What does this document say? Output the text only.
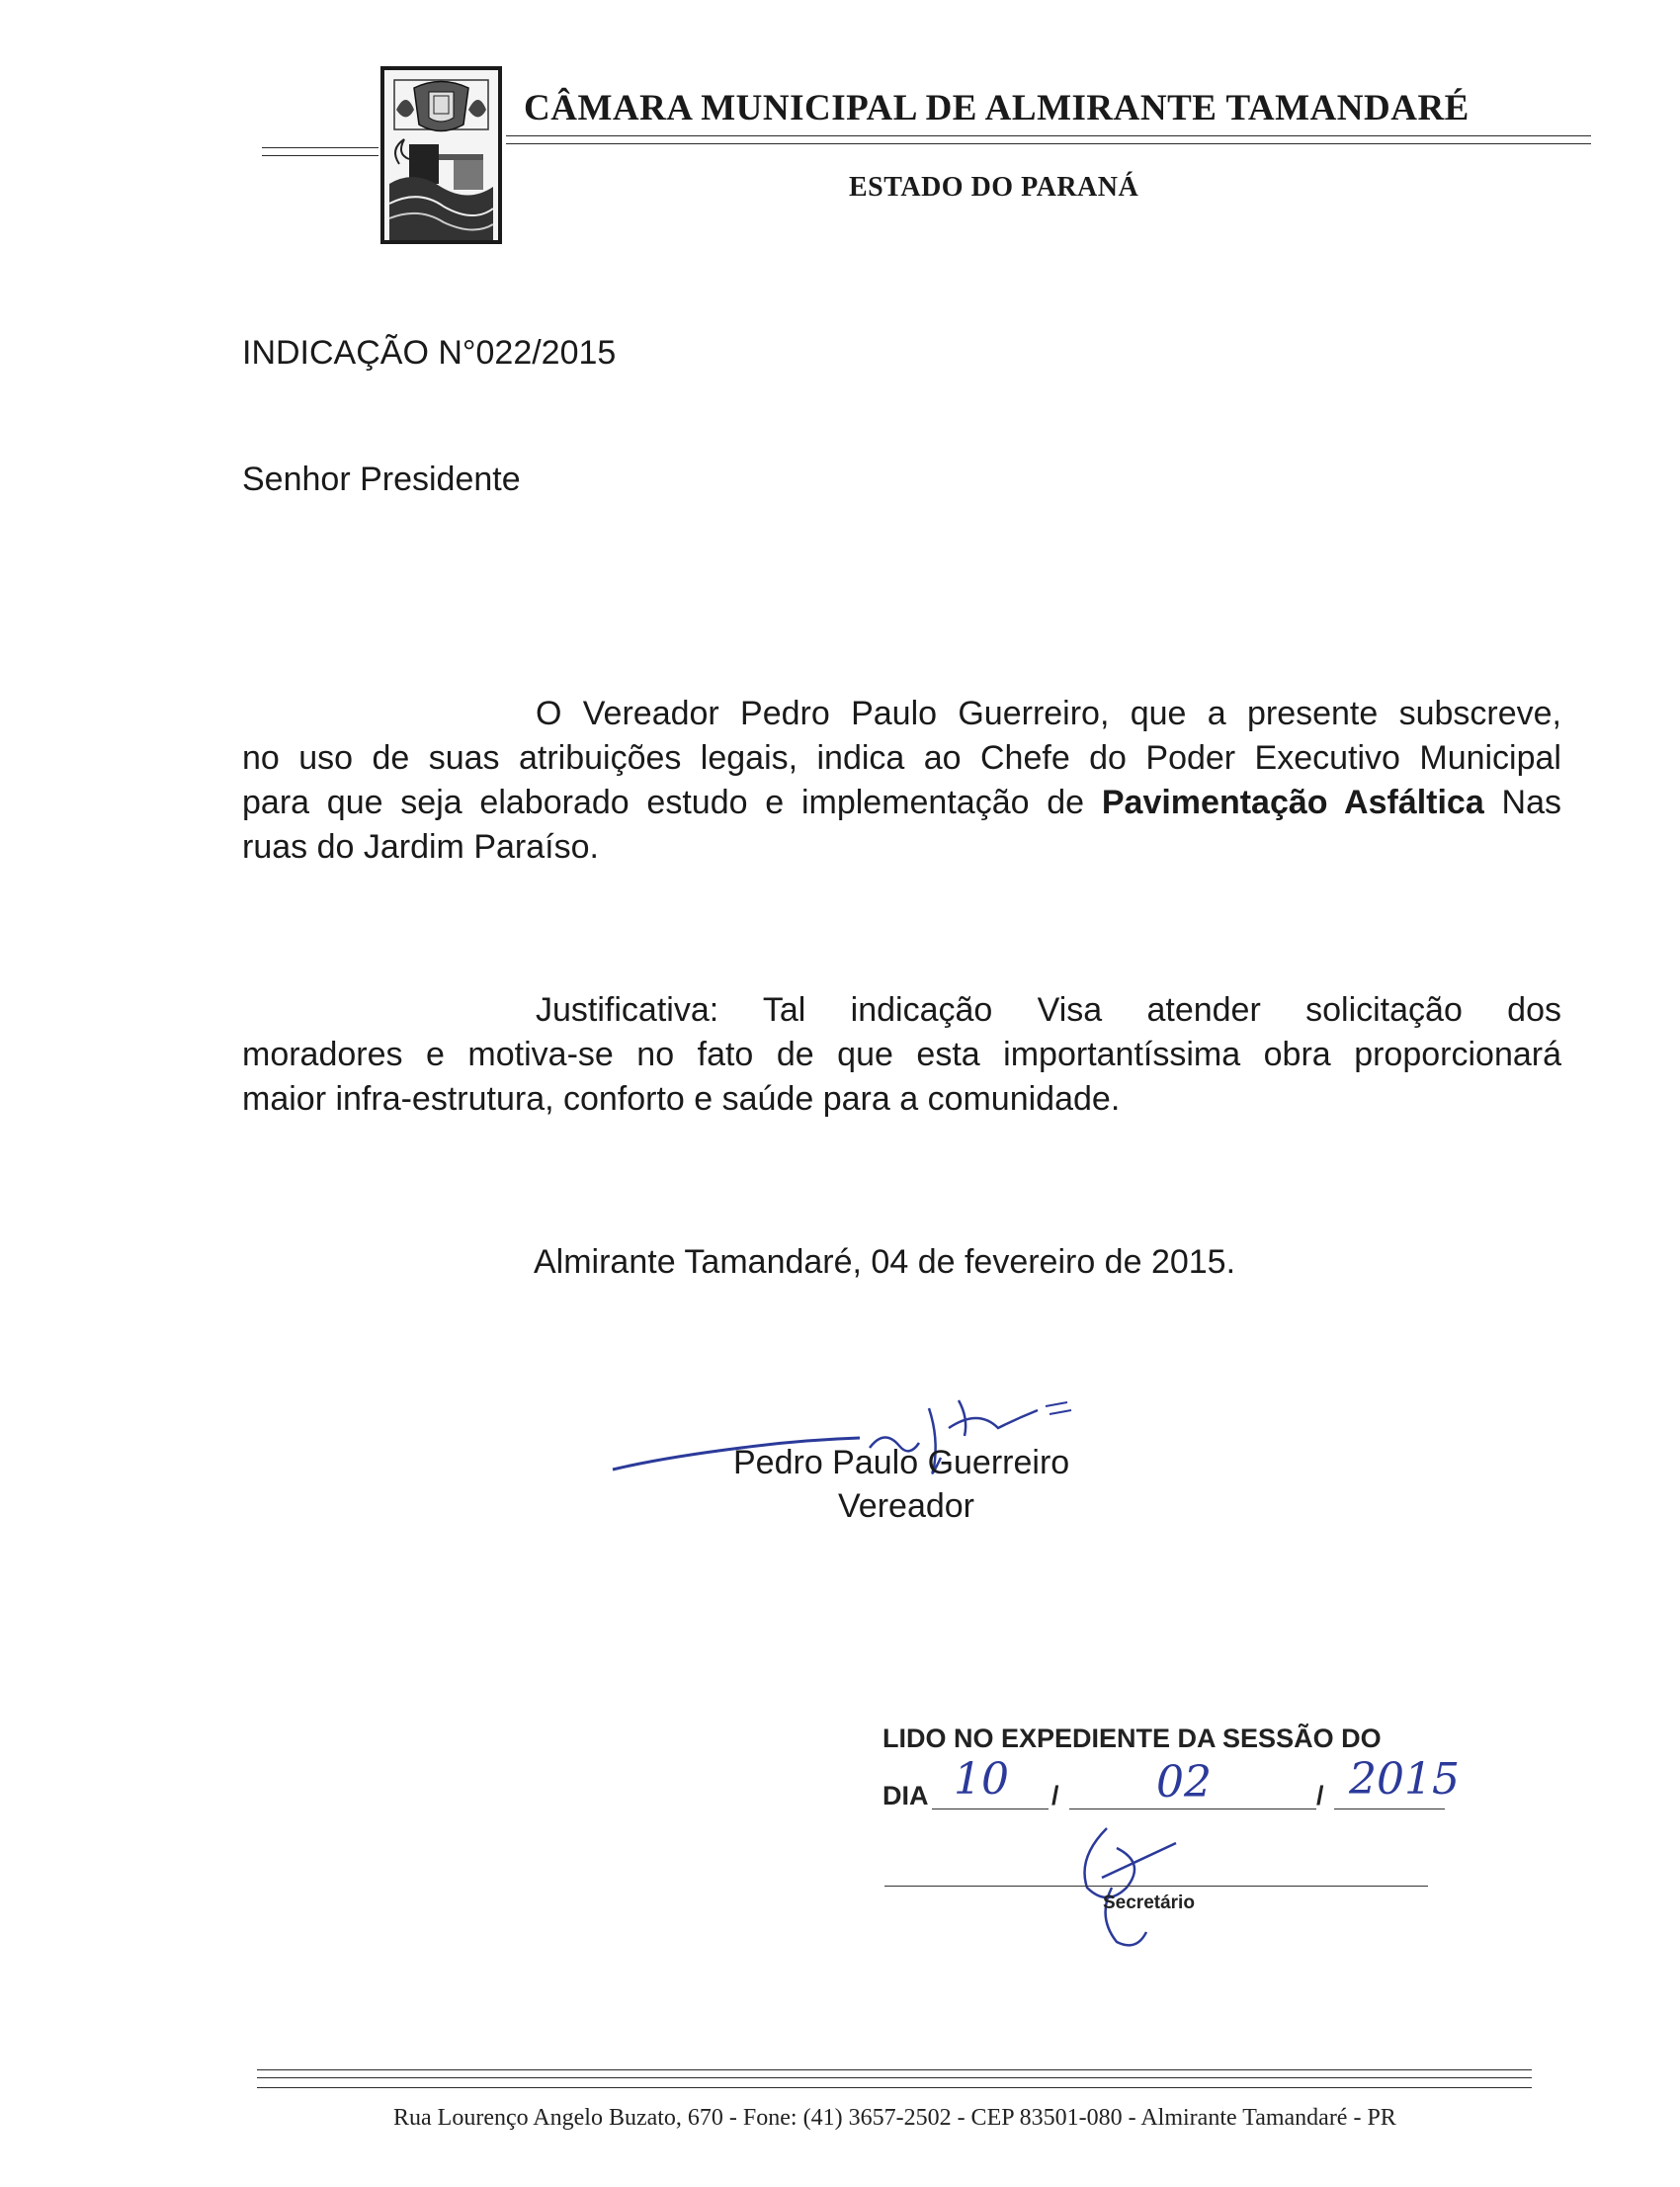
CÂMARA MUNICIPAL DE ALMIRANTE TAMANDARÉ
ESTADO DO PARANÁ
INDICAÇÃO N°022/2015
Senhor Presidente
O Vereador Pedro Paulo Guerreiro, que a presente subscreve,
no uso de suas atribuições legais, indica ao Chefe do Poder Executivo Municipal
para que seja elaborado estudo e implementação de Pavimentação Asfáltica Nas
ruas do Jardim Paraíso.
Justificativa: Tal indicação Visa atender solicitação dos
moradores e motiva-se no fato de que esta importantíssima obra proporcionará
maior infra-estrutura, conforto e saúde para a comunidade.
Almirante Tamandaré, 04 de fevereiro de 2015.
Pedro Paulo Guerreiro
Vereador
LIDO NO EXPEDIENTE DA SESSÃO DO
DIA	/	/
10	02	2015
Secretário
Rua Lourenço Angelo Buzato, 670 - Fone: (41) 3657-2502 - CEP 83501-080 - Almirante Tamandaré - PR
